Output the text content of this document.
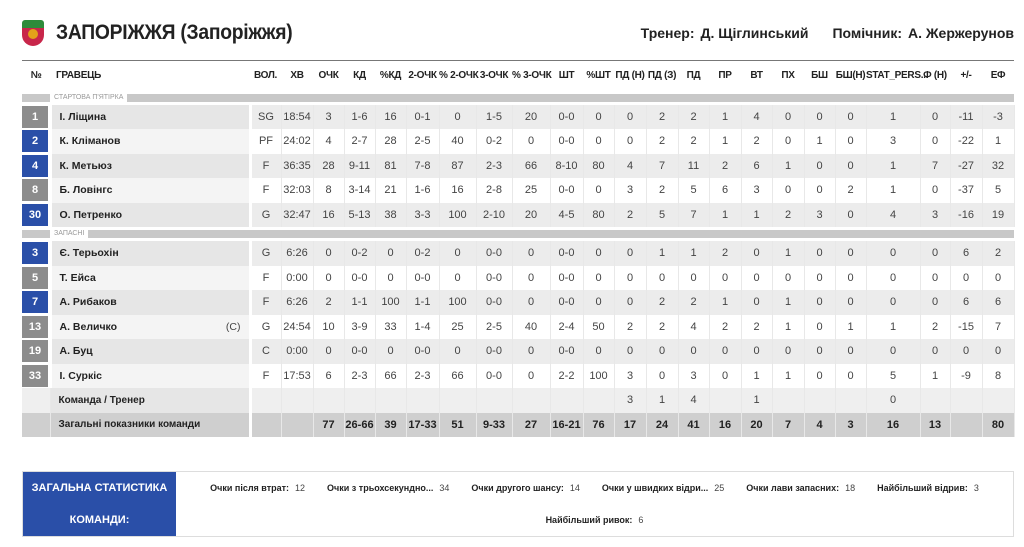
ЗАПОРІЖЖЯ (Запоріжжя)	Тренер: Д. Щіглинський Помічник: А. Жержерунов
№	ГРАВЕЦЬ	ВОЛ.	ХВ	ОЧК	КД	%КД	2-ОЧК	% 2-ОЧК	3-ОЧК	% 3-ОЧК	ШТ	%ШТ	ПД (Н)	ПД (З)	ПД	ПР	ВТ	ПХ	БШ	БШ(Н)	STAT_PERS...	Ф (Н)	+/-	ЕФ

СТАРТОВА П'ЯТІРКА																								

1	І. Ліщина	SG	18:54	3	1-6	16	0-1	0	1-5	20	0-0	0	0	2	2	1	4	0	0	0	1	0	-11	-3

2	К. Кліманов	PF	24:02	4	2-7	28	2-5	40	0-2	0	0-0	0	0	2	2	1	2	0	1	0	3	0	-22	1

4	К. Метьюз	F	36:35	28	9-11	81	7-8	87	2-3	66	8-10	80	4	7	11	2	6	1	0	0	1	7	-27	32

8	Б. Ловінгс	F	32:03	8	3-14	21	1-6	16	2-8	25	0-0	0	3	2	5	6	3	0	0	2	1	0	-37	5

30	О. Петренко	G	32:47	16	5-13	38	3-3	100	2-10	20	4-5	80	2	5	7	1	1	2	3	0	4	3	-16	19

ЗАПАСНІ																								

3	Є. Терьохін	G	6:26	0	0-2	0	0-2	0	0-0	0	0-0	0	0	1	1	2	0	1	0	0	0	0	6	2

5	Т. Ейса	F	0:00	0	0-0	0	0-0	0	0-0	0	0-0	0	0	0	0	0	0	0	0	0	0	0	0	0

7	А. Рибаков	F	6:26	2	1-1	100	1-1	100	0-0	0	0-0	0	0	2	2	1	0	1	0	0	0	0	6	6

13	А. Величко (C)	G	24:54	10	3-9	33	1-4	25	2-5	40	2-4	50	2	2	4	2	2	1	0	1	1	2	-15	7

19	А. Буц	C	0:00	0	0-0	0	0-0	0	0-0	0	0-0	0	0	0	0	0	0	0	0	0	0	0	0	0

33	І. Суркіс	F	17:53	6	2-3	66	2-3	66	0-0	0	2-2	100	3	0	3	0	1	1	0	0	5	1	-9	8
	Команда / Тренер												3	1	4		1				0			
	Загальні показники команди			77	26-66	39	17-33	51	9-33	27	16-21	76	17	24	41	16	20	7	4	3	16	13		80
ЗАГАЛЬНА СТАТИСТИКА
КОМАНДИ:
Очки після втрат: 12 Очки з трьохсекундно... 34 Очки другого шансу: 14 Очки у швидких відри... 25 Очки лави запасних: 18 Найбільший відрив: 3
Найбільший ривок: 6
